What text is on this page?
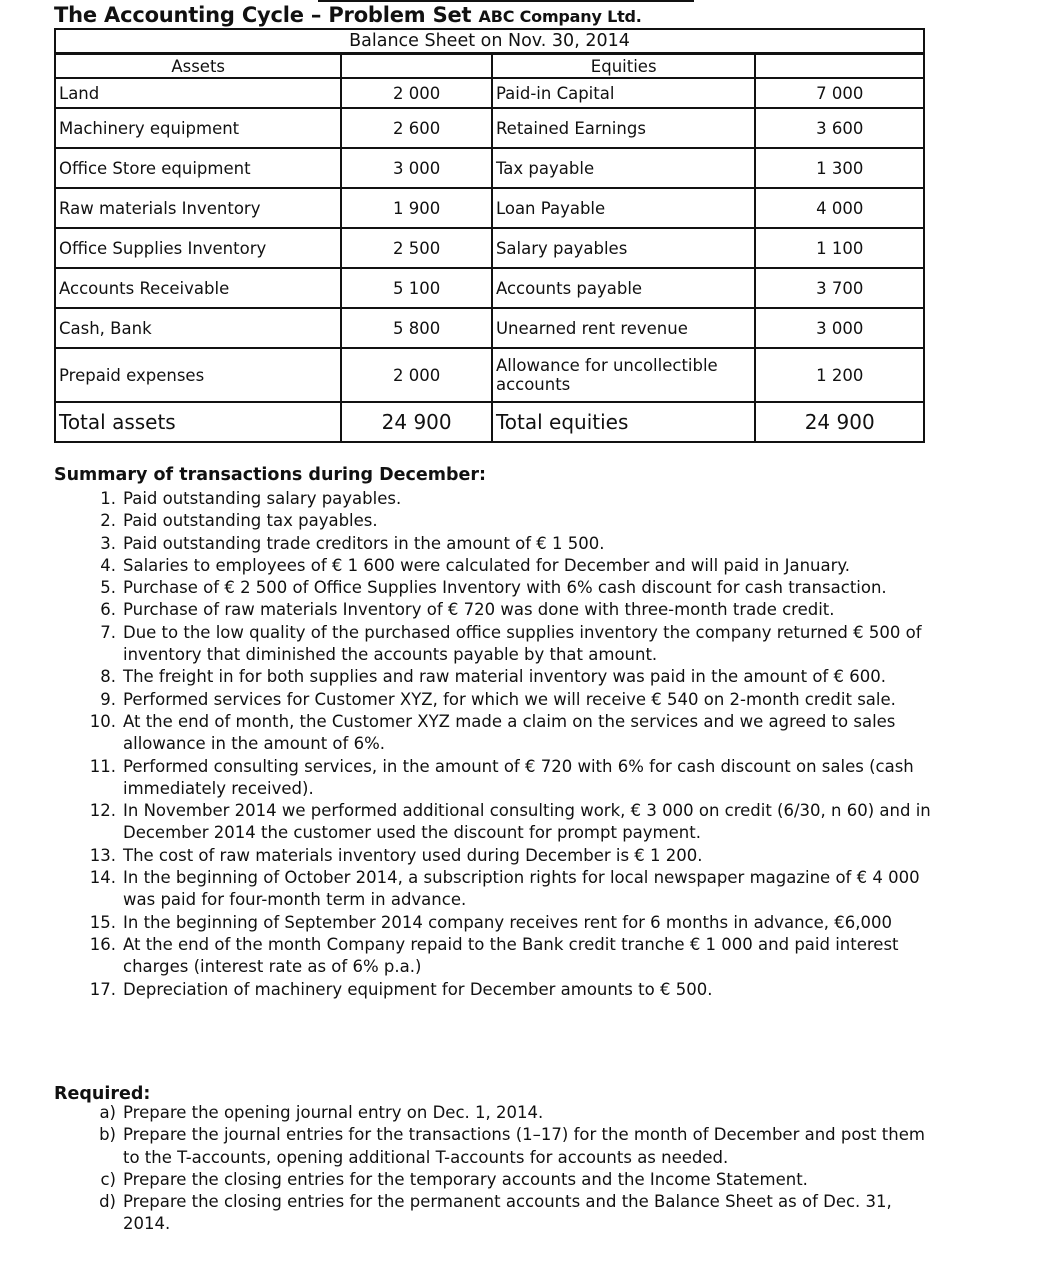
The Accounting Cycle – Problem Set ABC Company Ltd.
Balance Sheet on Nov. 30, 2014			
Assets		Equities	
Land	2 000	Paid-in Capital	7 000
Machinery equipment	2 600	Retained Earnings	3 600
Office Store equipment	3 000	Tax payable	1 300
Raw materials Inventory	1 900	Loan Payable	4 000
Office Supplies Inventory	2 500	Salary payables	1 100
Accounts Receivable	5 100	Accounts payable	3 700
Cash, Bank	5 800	Unearned rent revenue	3 000
Prepaid expenses	2 000	Allowance for uncollectible accounts	1 200
Total assets	24 900	Total equities	24 900
Summary of transactions during December:
1. Paid outstanding salary payables.
2. Paid outstanding tax payables.
3. Paid outstanding trade creditors in the amount of € 1 500.
4. Salaries to employees of € 1 600 were calculated for December and will paid in January.
5. Purchase of € 2 500 of Office Supplies Inventory with 6% cash discount for cash transaction.
6. Purchase of raw materials Inventory of € 720 was done with three-month trade credit.
7. Due to the low quality of the purchased office supplies inventory the company returned € 500 of inventory that diminished the accounts payable by that amount.
8. The freight in for both supplies and raw material inventory was paid in the amount of € 600.
9. Performed services for Customer XYZ, for which we will receive € 540 on 2-month credit sale.
10. At the end of month, the Customer XYZ made a claim on the services and we agreed to sales allowance in the amount of 6%.
11. Performed consulting services, in the amount of € 720 with 6% for cash discount on sales (cash immediately received).
12. In November 2014 we performed additional consulting work, € 3 000 on credit (6/30, n 60) and in December 2014 the customer used the discount for prompt payment.
13. The cost of raw materials inventory used during December is € 1 200.
14. In the beginning of October 2014, a subscription rights for local newspaper magazine of € 4 000 was paid for four-month term in advance.
15. In the beginning of September 2014 company receives rent for 6 months in advance, €6,000
16. At the end of the month Company repaid to the Bank credit tranche € 1 000 and paid interest charges (interest rate as of 6% p.a.)
17. Depreciation of machinery equipment for December amounts to € 500.
Required:
a) Prepare the opening journal entry on Dec. 1, 2014.
b) Prepare the journal entries for the transactions (1–17) for the month of December and post them to the T-accounts, opening additional T-accounts for accounts as needed.
c) Prepare the closing entries for the temporary accounts and the Income Statement.
d) Prepare the closing entries for the permanent accounts and the Balance Sheet as of Dec. 31, 2014.
